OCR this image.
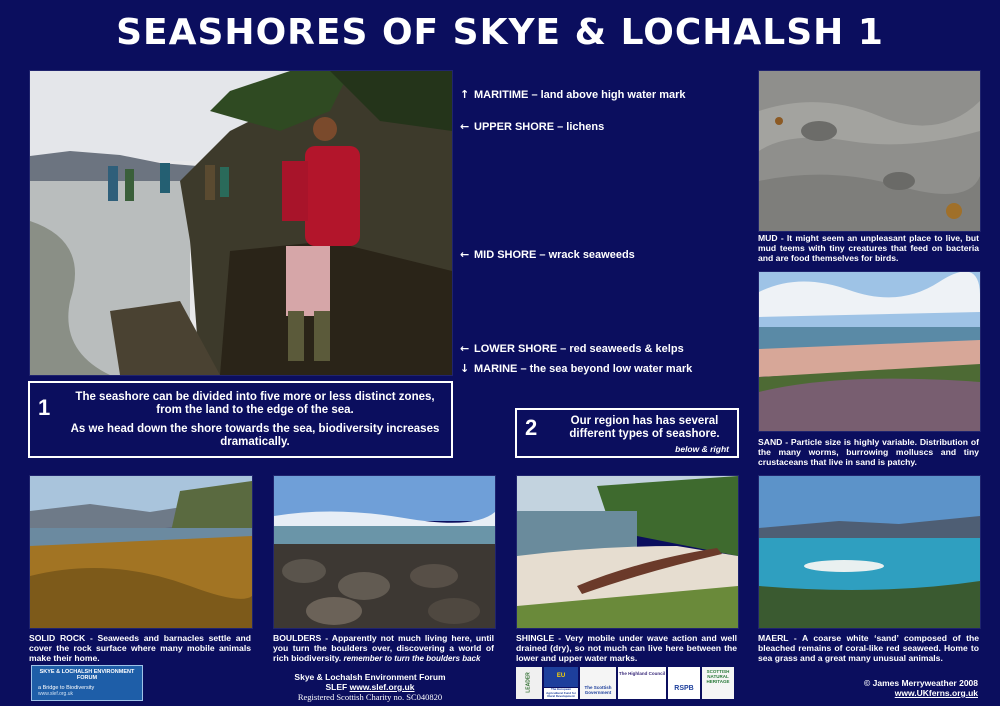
SEASHORES OF SKYE & LOCHALSH 1
↑ MARITIME – land above high water mark
← UPPER SHORE – lichens
← MID SHORE – wrack seaweeds
← LOWER SHORE – red seaweeds & kelps
↓ MARINE – the sea beyond low water mark
1	The seashore can be divided into five more or less distinct zones, from the land to the edge of the sea.

As we head down the shore towards the sea, biodiversity increases dramatically.

2	Our region has has several different types of seashore.

below & right

MUD - It might seem an unpleasant place to live, but mud teems with tiny creatures that feed on bacteria and are food themselves for birds.
SAND - Particle size is highly variable. Distribution of the many worms, burrowing molluscs and tiny crustaceans that live in sand is patchy.
SOLID ROCK - Seaweeds and barnacles settle and cover the rock surface where many mobile animals make their home.
BOULDERS - Apparently not much living here, until you turn the boulders over, discovering a world of rich biodiversity. remember to turn the boulders back
SHINGLE - Very mobile under wave action and well drained (dry), so not much can live here between the lower and upper water marks.
MAERL - A coarse white ‘sand’ composed of the bleached remains of coral-like red seaweed. Home to sea grass and a great many unusual animals.
SKYE & LOCHALSH ENVIRONMENT FORUM
a Bridge to Biodiversity
www.slef.org.uk
Skye & Lochalsh Environment Forum
SLEF www.slef.org.uk
Registered Scottish Charity no. SC040820
LEADER	EU
The European Agricultural Fund for Rural Development
The Scottish Government
The Highland Council
RSPB
SCOTTISH NATURAL HERITAGE	© James Merryweather 2008
www.UKferns.org.uk
